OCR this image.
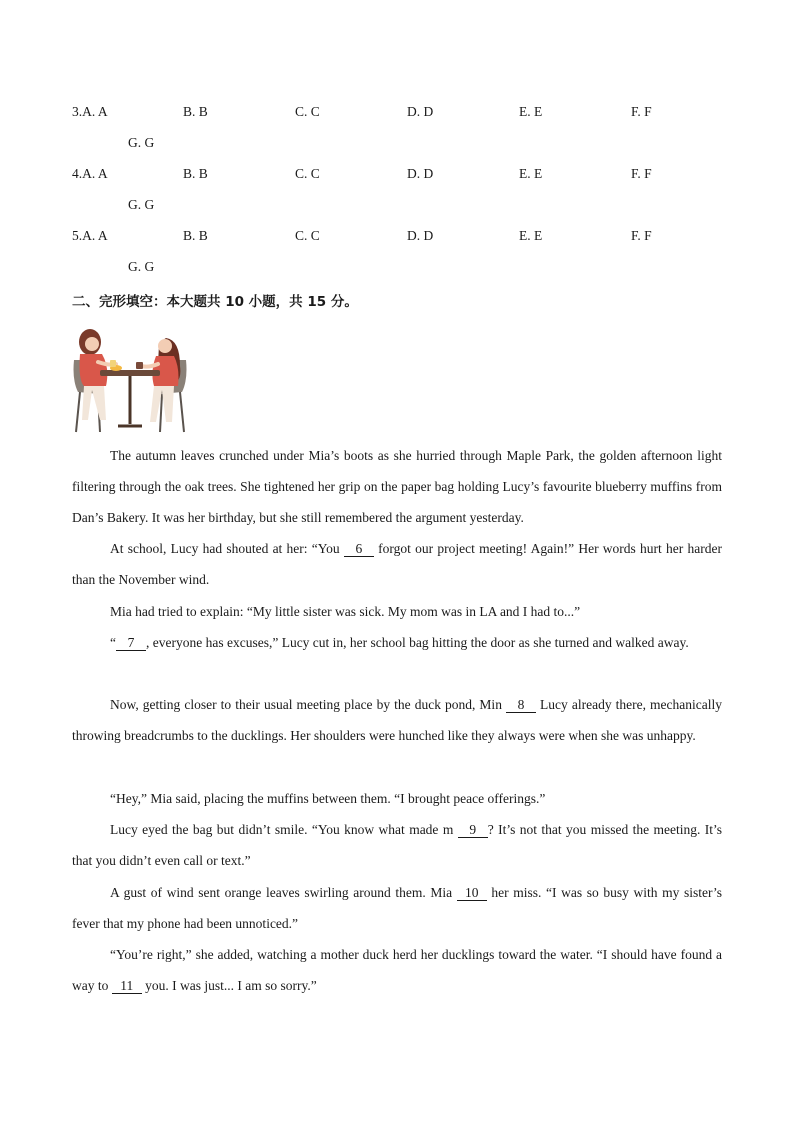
3.A. A	B. B	C. C	D. D	E. E	F. F
G. G
4.A. A	B. B	C. C	D. D	E. E	F. F
G. G
5.A. A	B. B	C. C	D. D	E. E	F. F
G. G
二、完形填空：本大题共 10 小题，共 15 分。

The autumn leaves crunched under Mia’s boots as she hurried through Maple Park, the golden afternoon light filtering through the oak trees. She tightened her grip on the paper bag holding Lucy’s favourite blueberry muffins from Dan’s Bakery. It was her birthday, but she still remembered the argument yesterday.

At school, Lucy had shouted at her: “You 6 forgot our project meeting! Again!” Her words hurt her harder than the November wind.

Mia had tried to explain: “My little sister was sick. My mom was in LA and I had to...”

“ 7 , everyone has excuses,” Lucy cut in, her school bag hitting the door as she turned and walked away.

Now, getting closer to their usual meeting place by the duck pond, Min 8 Lucy already there, mechanically throwing breadcrumbs to the ducklings. Her shoulders were hunched like they always were when she was unhappy.

“Hey,” Mia said, placing the muffins between them. “I brought peace offerings.”

Lucy eyed the bag but didn’t smile. “You know what made m 9 ? It’s not that you missed the meeting. It’s that you didn’t even call or text.”

A gust of wind sent orange leaves swirling around them. Mia 10 her miss. “I was so busy with my sister’s fever that my phone had been unnoticed.”

“You’re right,” she added, watching a mother duck herd her ducklings toward the water. “I should have found a way to 11 you. I was just... I am so sorry.”
